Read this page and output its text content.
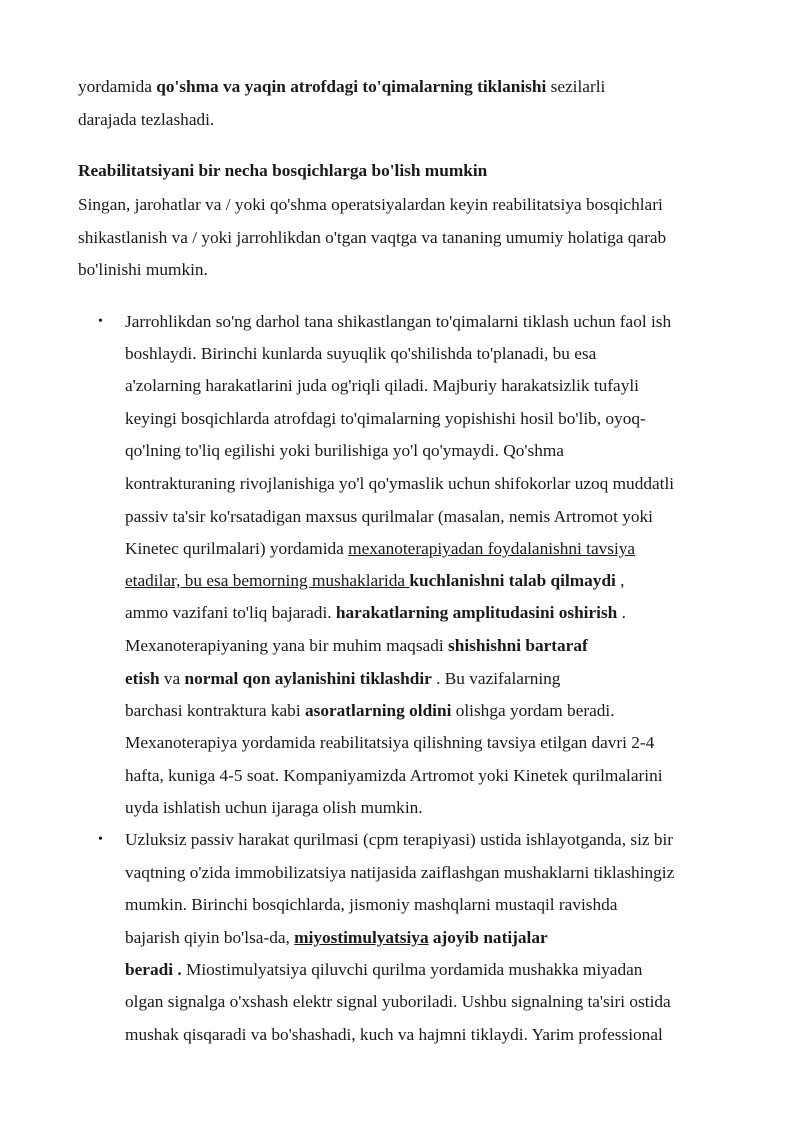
yordamida qo'shma va yaqin atrofdagi to'qimalarning tiklanishi sezilarli
darajada tezlashadi.
Reabilitatsiyani bir necha bosqichlarga bo'lish mumkin
Singan, jarohatlar va / yoki qo'shma operatsiyalardan keyin reabilitatsiya bosqichlari
shikastlanish va / yoki jarrohlikdan o'tgan vaqtga va tananing umumiy holatiga qarab
bo'linishi mumkin.
• Jarrohlikdan so'ng darhol tana shikastlangan to'qimalarni tiklash uchun faol ish
boshlaydi. Birinchi kunlarda suyuqlik qo'shilishda to'planadi, bu esa
a'zolarning harakatlarini juda og'riqli qiladi. Majburiy harakatsizlik tufayli
keyingi bosqichlarda atrofdagi to'qimalarning yopishishi hosil bo'lib, oyoq-
qo'lning to'liq egilishi yoki burilishiga yo'l qo'ymaydi. Qo'shma
kontrakturaning rivojlanishiga yo'l qo'ymaslik uchun shifokorlar uzoq muddatli
passiv ta'sir ko'rsatadigan maxsus qurilmalar (masalan, nemis Artromot yoki
Kinetec qurilmalari) yordamida mexanoterapiyadan foydalanishni tavsiya
etadilar, bu esa bemorning mushaklarida kuchlanishni talab qilmaydi ,
ammo vazifani to'liq bajaradi. harakatlarning amplitudasini oshirish .
Mexanoterapiyaning yana bir muhim maqsadi shishishni bartaraf
etish va normal qon aylanishini tiklashdir . Bu vazifalarning
barchasi kontraktura kabi asoratlarning oldini olishga yordam beradi.
Mexanoterapiya yordamida reabilitatsiya qilishning tavsiya etilgan davri 2-4
hafta, kuniga 4-5 soat. Kompaniyamizda Artromot yoki Kinetek qurilmalarini
uyda ishlatish uchun ijaraga olish mumkin.
• Uzluksiz passiv harakat qurilmasi (cpm terapiyasi) ustida ishlayotganda, siz bir
vaqtning o'zida immobilizatsiya natijasida zaiflashgan mushaklarni tiklashingiz
mumkin. Birinchi bosqichlarda, jismoniy mashqlarni mustaqil ravishda
bajarish qiyin bo'lsa-da, miyostimulyatsiya ajoyib natijalar
beradi . Miostimulyatsiya qiluvchi qurilma yordamida mushakka miyadan
olgan signalga o'xshash elektr signal yuboriladi. Ushbu signalning ta'siri ostida
mushak qisqaradi va bo'shashadi, kuch va hajmni tiklaydi. Yarim professional
